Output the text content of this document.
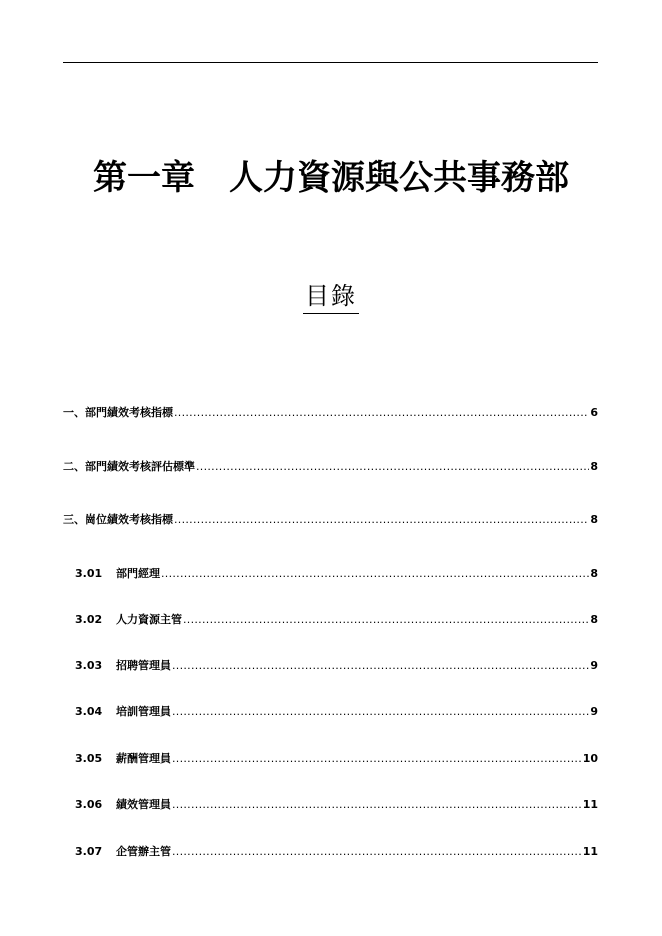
第一章　人力資源與公共事務部
目錄
一、部門績效考核指標 .....	6
二、部門績效考核評估標準 .....	8
三、崗位績效考核指標 .....	8
3.01	部門經理 .....	8
3.02	人力資源主管 .....	8
3.03	招聘管理員 .....	9
3.04	培訓管理員 .....	9
3.05	薪酬管理員 .....	10
3.06	績效管理員 .....	11
3.07	企管辦主管 .....	11
